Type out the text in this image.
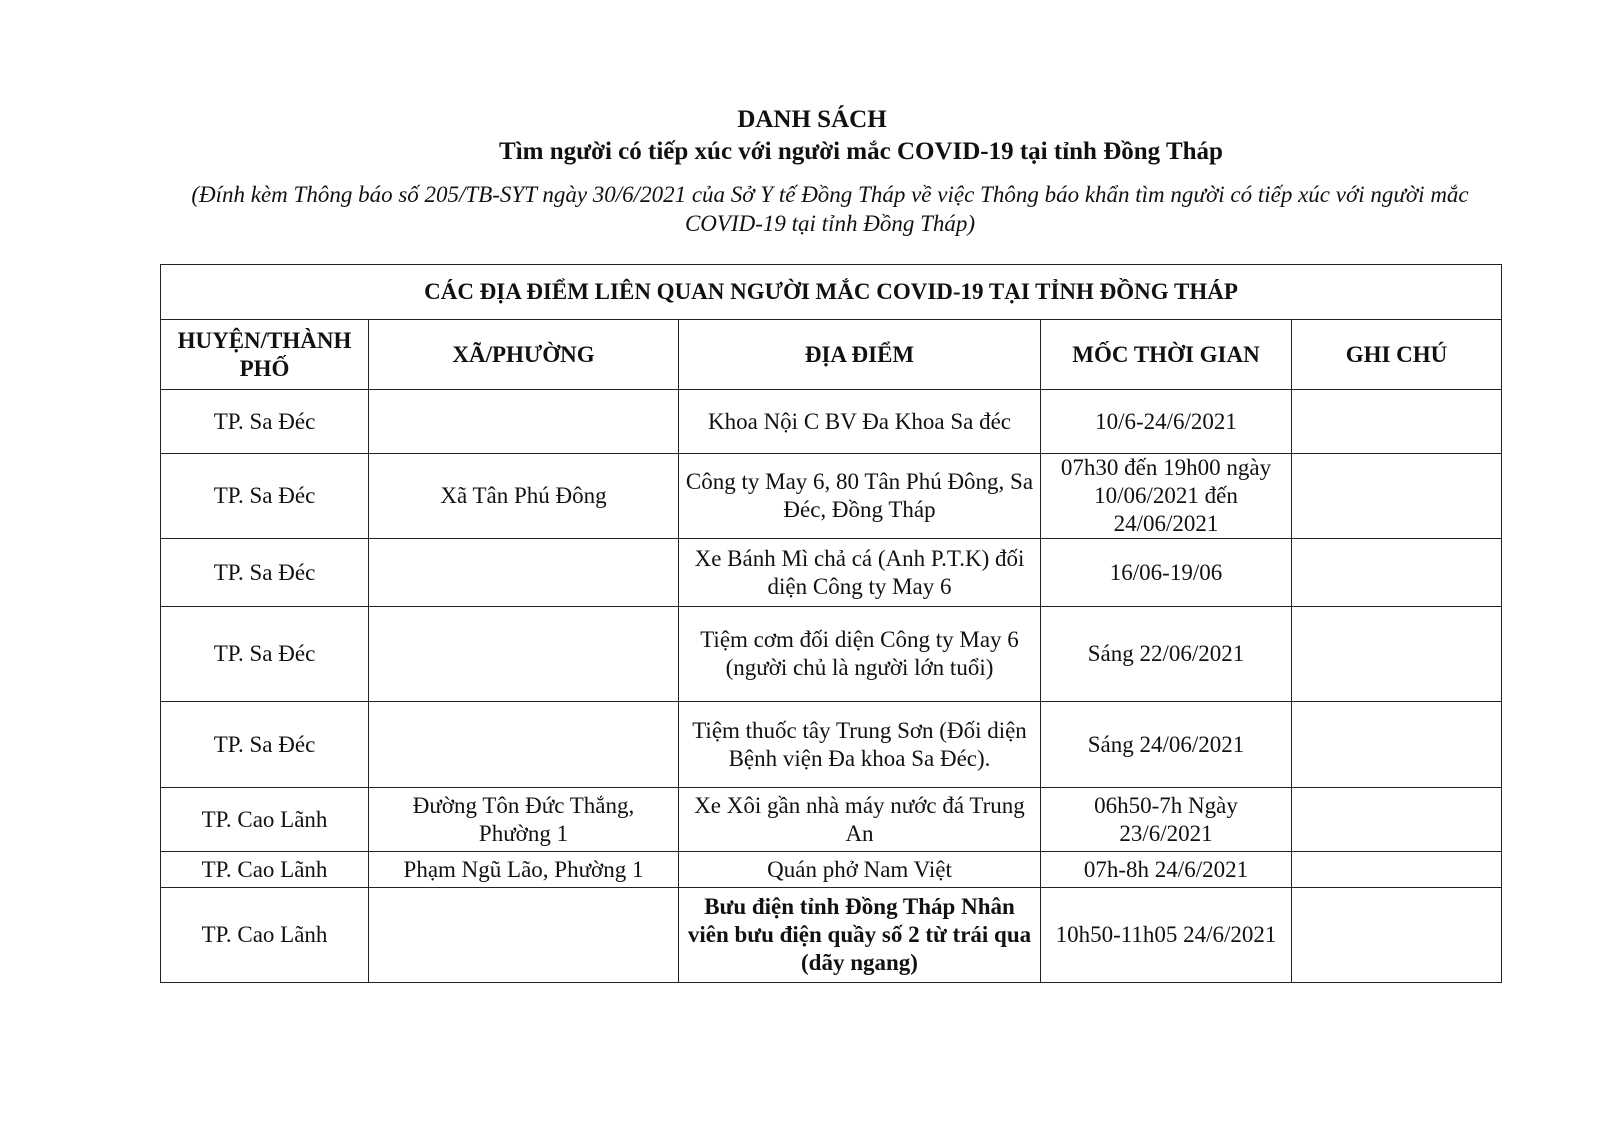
DANH SÁCH
Tìm người có tiếp xúc với người mắc COVID-19 tại tỉnh Đồng Tháp
(Đính kèm Thông báo số 205/TB-SYT ngày 30/6/2021 của Sở Y tế Đồng Tháp về việc Thông báo khẩn tìm người có tiếp xúc với người mắc COVID-19 tại tỉnh Đồng Tháp)
CÁC ĐỊA ĐIỂM LIÊN QUAN NGƯỜI MẮC COVID-19 TẠI TỈNH ĐỒNG THÁP				
HUYỆN/THÀNH PHỐ	XÃ/PHƯỜNG	ĐỊA ĐIỂM	MỐC THỜI GIAN	GHI CHÚ
TP. Sa Đéc		Khoa Nội C BV Đa Khoa Sa đéc	10/6-24/6/2021	
TP. Sa Đéc	Xã Tân Phú Đông	Công ty May 6, 80 Tân Phú Đông, Sa Đéc, Đồng Tháp	07h30 đến 19h00 ngày 10/06/2021 đến 24/06/2021	
TP. Sa Đéc		Xe Bánh Mì chả cá (Anh P.T.K) đối diện Công ty May 6	16/06-19/06	
TP. Sa Đéc		Tiệm cơm đối diện Công ty May 6 (người chủ là người lớn tuổi)	Sáng 22/06/2021	
TP. Sa Đéc		Tiệm thuốc tây Trung Sơn (Đối diện Bệnh viện Đa khoa Sa Đéc).	Sáng 24/06/2021	
TP. Cao Lãnh	Đường Tôn Đức Thắng, Phường 1	Xe Xôi gần nhà máy nước đá Trung An	06h50-7h Ngày 23/6/2021	
TP. Cao Lãnh	Phạm Ngũ Lão, Phường 1	Quán phở Nam Việt	07h-8h 24/6/2021	
TP. Cao Lãnh		Bưu điện tỉnh Đồng Tháp Nhân viên bưu điện quầy số 2 từ trái qua (dãy ngang)	10h50-11h05 24/6/2021	
